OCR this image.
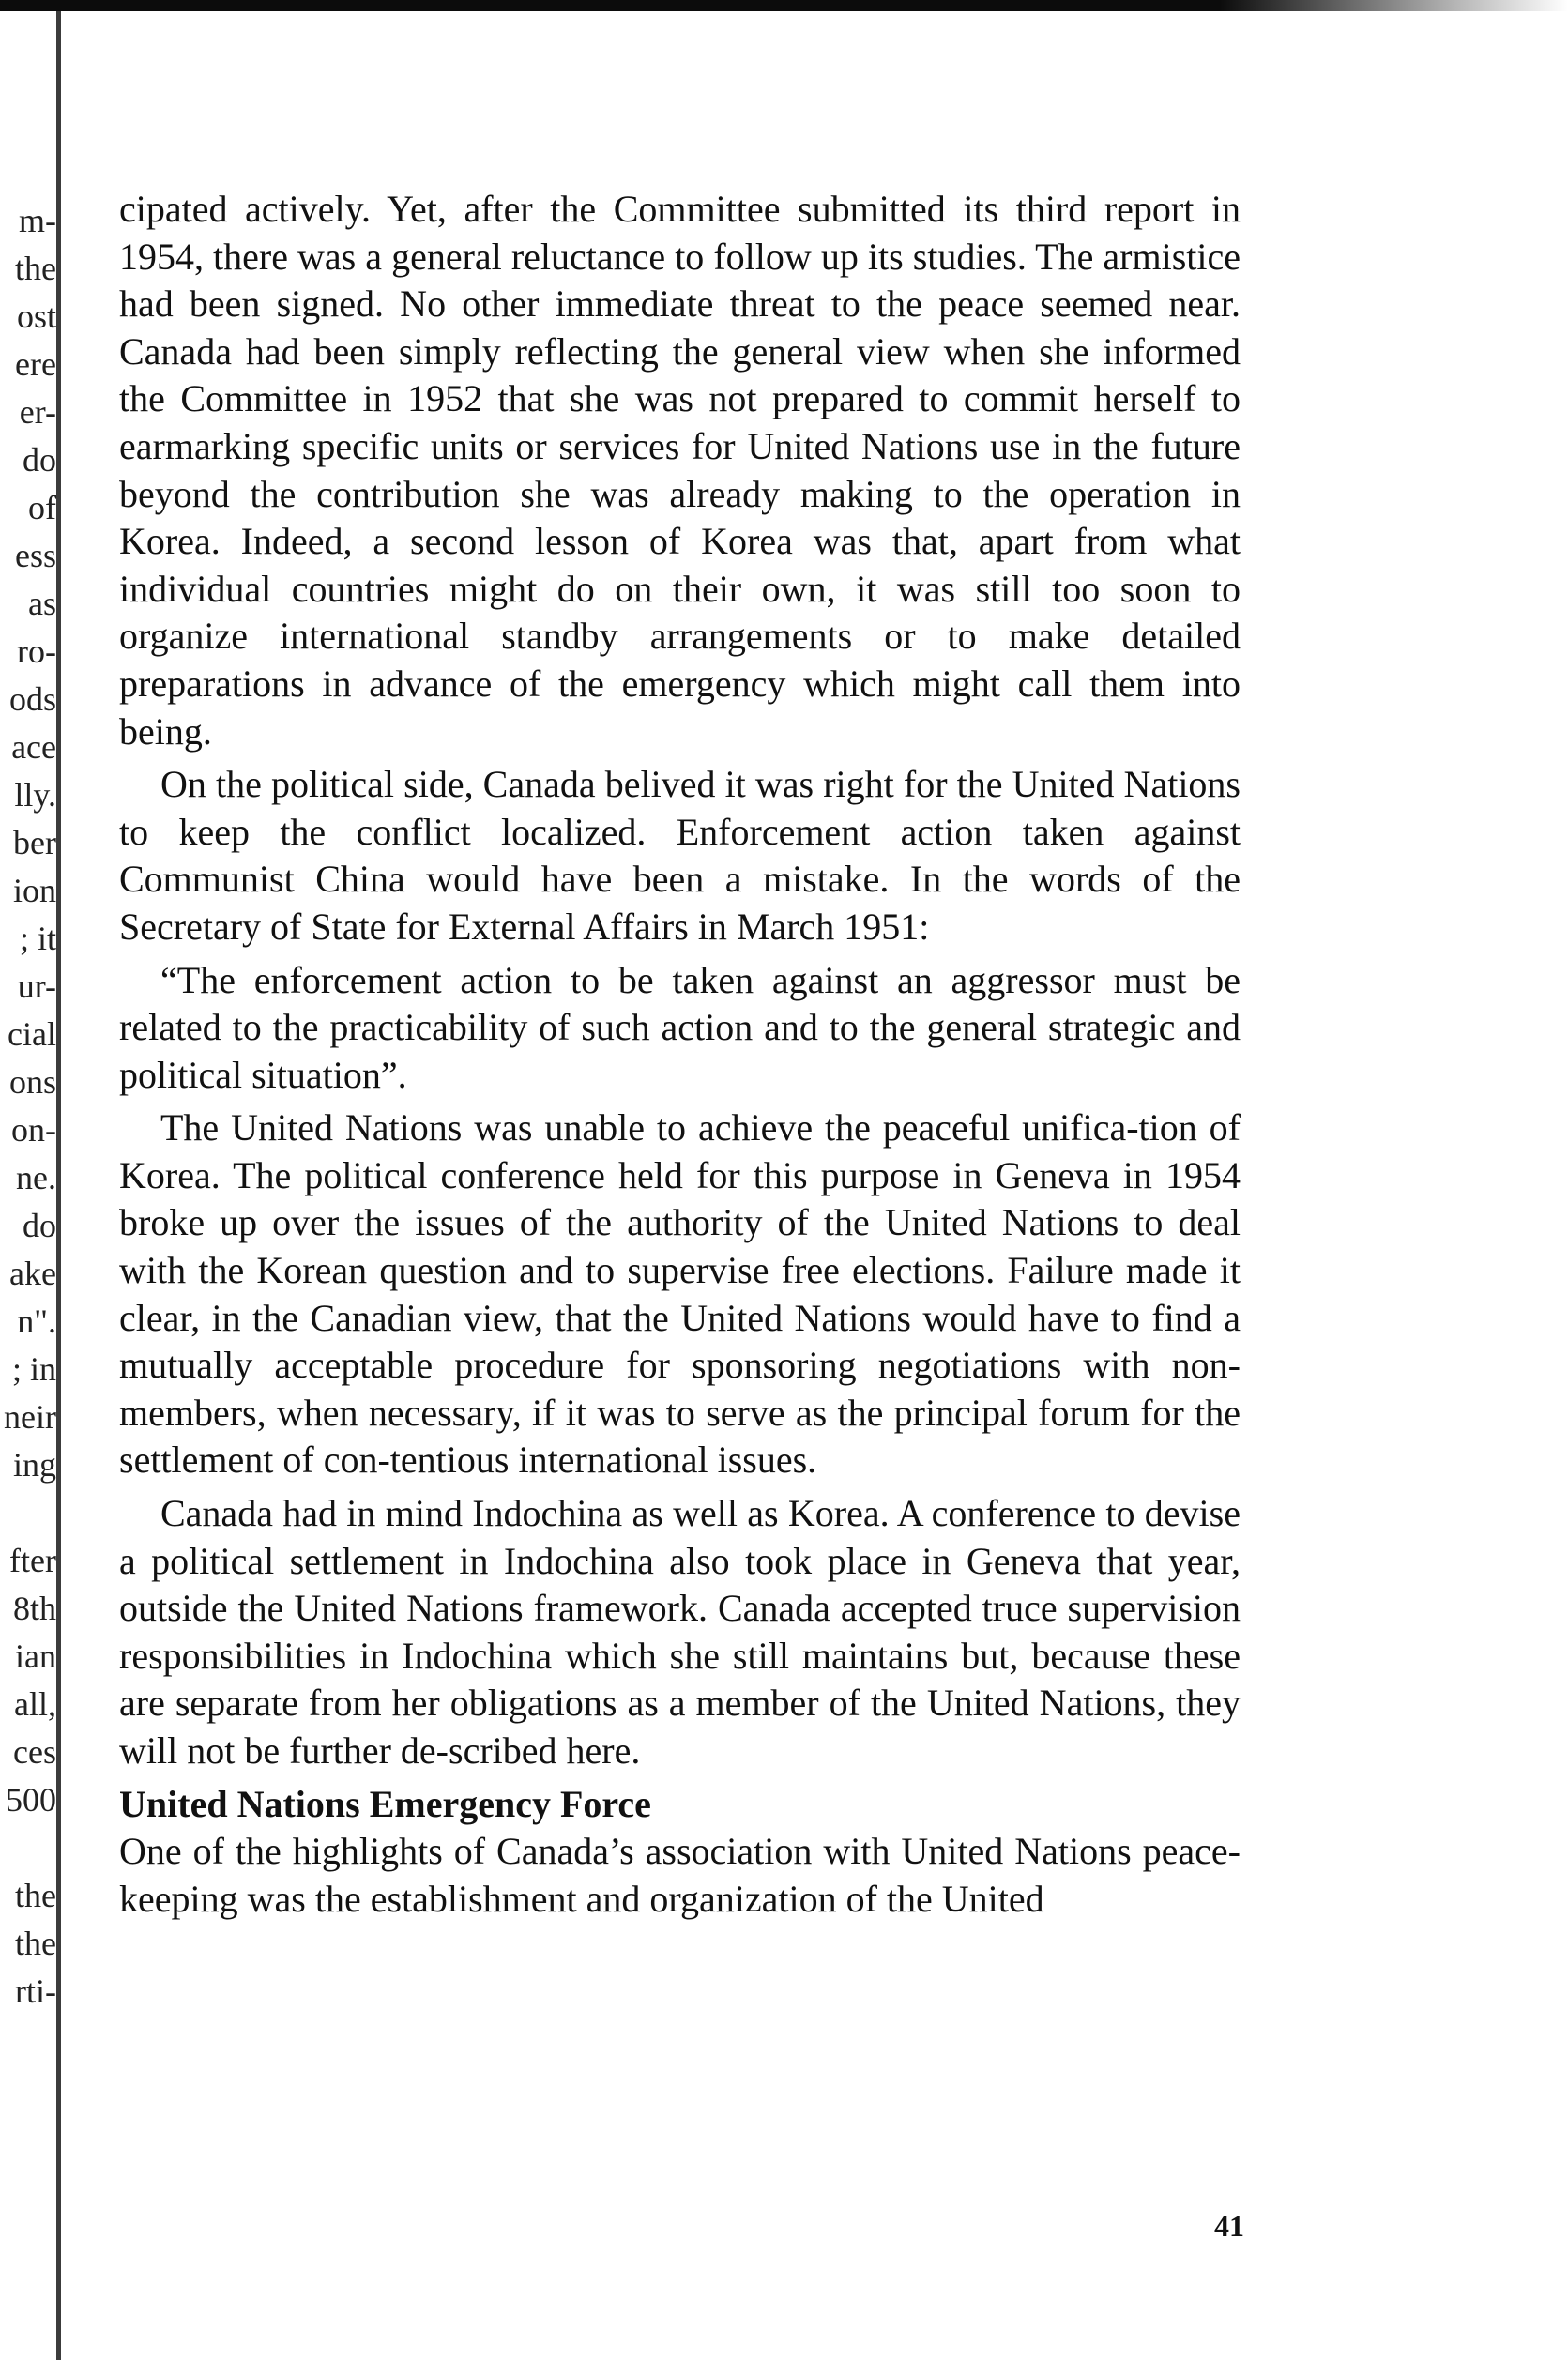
m-
the
ost
ere
er-
do
of
ess
as
ro-
ods
ace
lly.
ber
ion
; it
ur-
cial
ons
on-
ne.
do
ake
n".
; in
neir
ing
fter
8th
ian
all,
ces
500
the
the
rti-

cipated actively. Yet, after the Committee submitted its third report in 1954, there was a general reluctance to follow up its studies. The armistice had been signed. No other immediate threat to the peace seemed near. Canada had been simply reflecting the general view when she informed the Committee in 1952 that she was not prepared to commit herself to earmarking specific units or services for United Nations use in the future beyond the contribution she was already making to the operation in Korea. Indeed, a second lesson of Korea was that, apart from what individual countries might do on their own, it was still too soon to organize international standby arrangements or to make detailed preparations in advance of the emergency which might call them into being.

On the political side, Canada belived it was right for the United Nations to keep the conflict localized. Enforcement action taken against Communist China would have been a mistake. In the words of the Secretary of State for External Affairs in March 1951:

“The enforcement action to be taken against an aggressor must be related to the practicability of such action and to the general strategic and political situation”.

The United Nations was unable to achieve the peaceful unifica-tion of Korea. The political conference held for this purpose in Geneva in 1954 broke up over the issues of the authority of the United Nations to deal with the Korean question and to supervise free elections. Failure made it clear, in the Canadian view, that the United Nations would have to find a mutually acceptable procedure for sponsoring negotiations with non-members, when necessary, if it was to serve as the principal forum for the settlement of con-tentious international issues.

Canada had in mind Indochina as well as Korea. A conference to devise a political settlement in Indochina also took place in Geneva that year, outside the United Nations framework. Canada accepted truce supervision responsibilities in Indochina which she still maintains but, because these are separate from her obligations as a member of the United Nations, they will not be further de-scribed here.

United Nations Emergency Force

One of the highlights of Canada’s association with United Nations peace-keeping was the establishment and organization of the United

41
